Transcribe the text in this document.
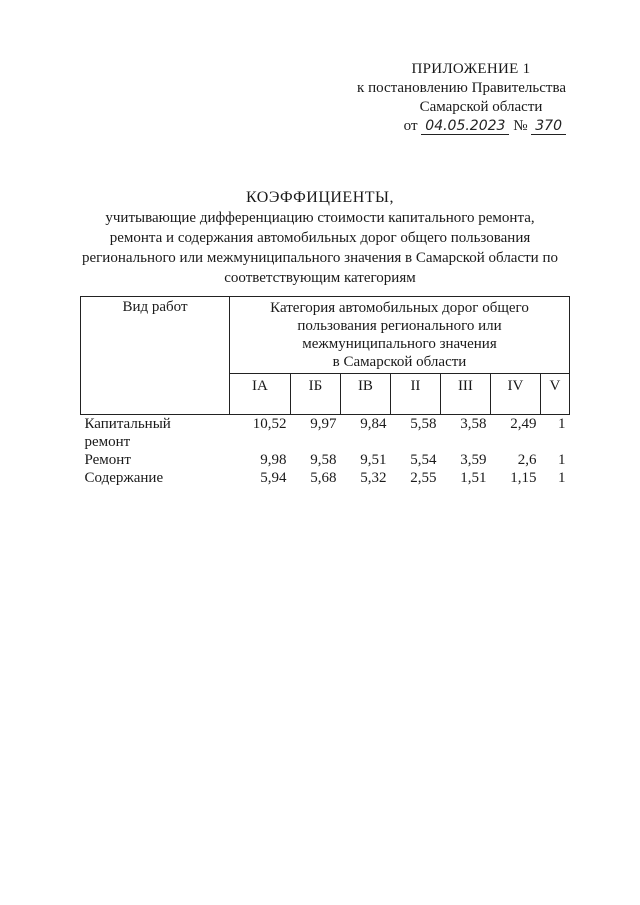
ПРИЛОЖЕНИЕ 1
к постановлению Правительства
Самарской области
от 04.05.2023 № 370
КОЭФФИЦИЕНТЫ,
учитывающие дифференциацию стоимости капитального ремонта,
ремонта и содержания автомобильных дорог общего пользования
регионального или межмуниципального значения в Самарской области по
соответствующим категориям
Вид работ	Категория автомобильных дорог общего
пользования регионального или
межмуниципального значения
в Самарской области						

	IA	IБ	IB	II	III	IV	V

Капитальный
ремонт	10,52	9,97	9,84	5,58	3,58	2,49	1
Ремонт	9,98	9,58	9,51	5,54	3,59	2,6	1
Содержание	5,94	5,68	5,32	2,55	1,51	1,15	1
